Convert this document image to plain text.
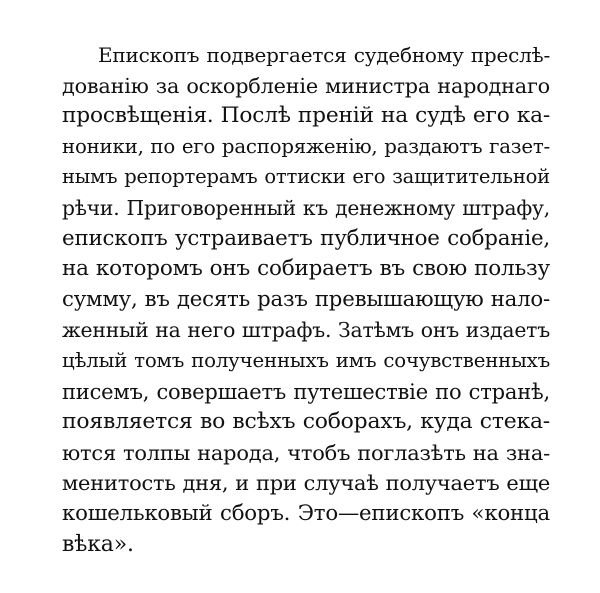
Епископъ подвергается судебному преслѣ-
дованію за оскорбленіе министра народнаго
просвѣщенія. Послѣ преній на судѣ его ка-
ноники, по его распоряженію, раздаютъ газет-
нымъ репортерамъ оттиски его защитительной
рѣчи. Приговоренный къ денежному штрафу,
епископъ устраиваетъ публичное собраніе,
на которомъ онъ собираетъ въ свою пользу
сумму, въ десять разъ превышающую нало-
женный на него штрафъ. Затѣмъ онъ издаетъ
цѣлый томъ полученныхъ имъ сочувственныхъ
писемъ, совершаетъ путешествіе по странѣ,
появляется во всѣхъ соборахъ, куда стека-
ются толпы народа, чтобъ поглазѣть на зна-
менитость дня, и при случаѣ получаетъ еще
кошельковый сборъ. Это—епископъ «конца
вѣка».
